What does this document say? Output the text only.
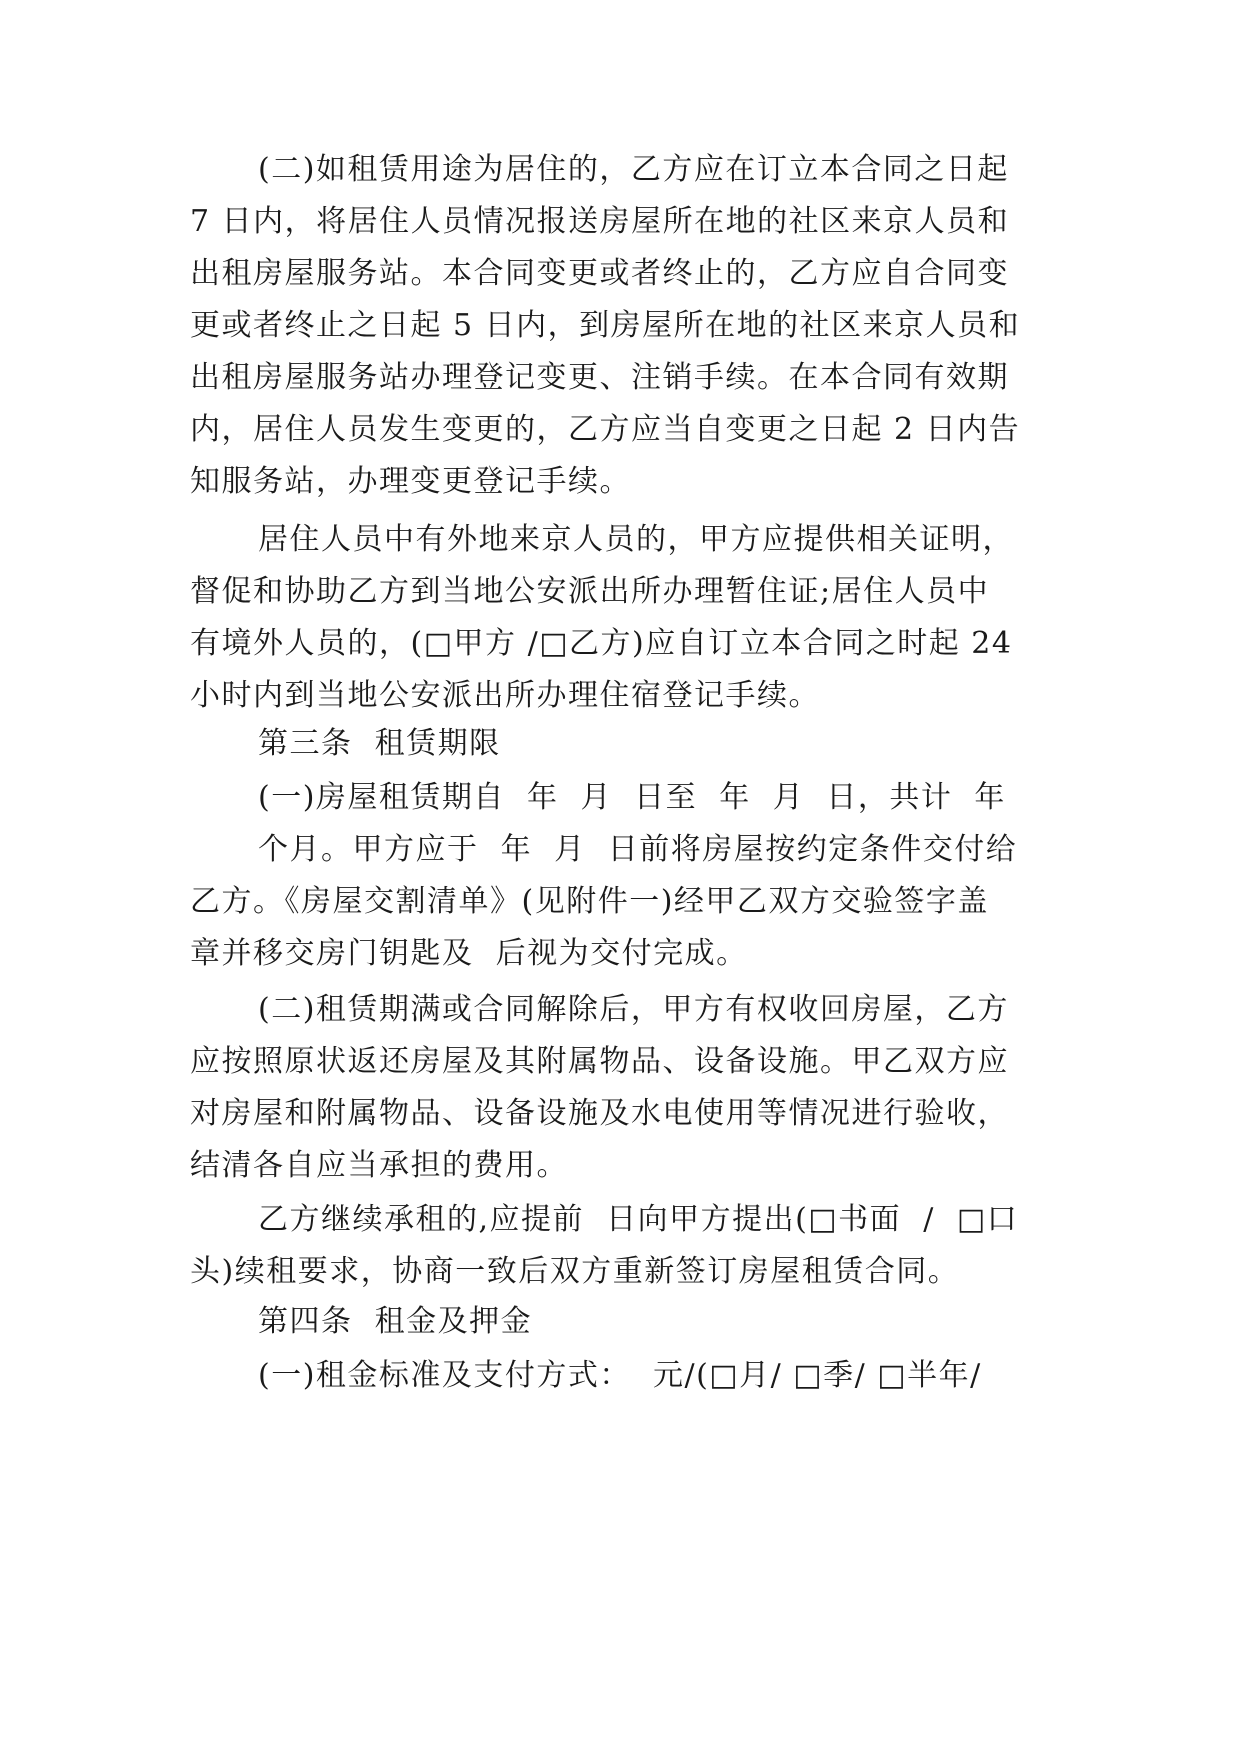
(二)如租赁用途为居住的，乙方应在订立本合同之日起
7 日内，将居住人员情况报送房屋所在地的社区来京人员和
出租房屋服务站。本合同变更或者终止的，乙方应自合同变
更或者终止之日起 5 日内，到房屋所在地的社区来京人员和
出租房屋服务站办理登记变更、注销手续。在本合同有效期
内，居住人员发生变更的，乙方应当自变更之日起 2 日内告
知服务站，办理变更登记手续。
居住人员中有外地来京人员的，甲方应提供相关证明，
督促和协助乙方到当地公安派出所办理暂住证;居住人员中
有境外人员的，(□甲方 /□乙方)应自订立本合同之时起 24
小时内到当地公安派出所办理住宿登记手续。
第三条  租赁期限
(一)房屋租赁期自  年  月  日至  年  月  日，共计  年
个月。甲方应于  年  月  日前将房屋按约定条件交付给
乙方。《房屋交割清单》(见附件一)经甲乙双方交验签字盖
章并移交房门钥匙及  后视为交付完成。
(二)租赁期满或合同解除后，甲方有权收回房屋，乙方
应按照原状返还房屋及其附属物品、设备设施。甲乙双方应
对房屋和附属物品、设备设施及水电使用等情况进行验收，
结清各自应当承担的费用。
乙方继续承租的,应提前  日向甲方提出(□书面  /  □口
头)续租要求，协商一致后双方重新签订房屋租赁合同。
第四条  租金及押金
(一)租金标准及支付方式：  元/(□月/ □季/ □半年/
